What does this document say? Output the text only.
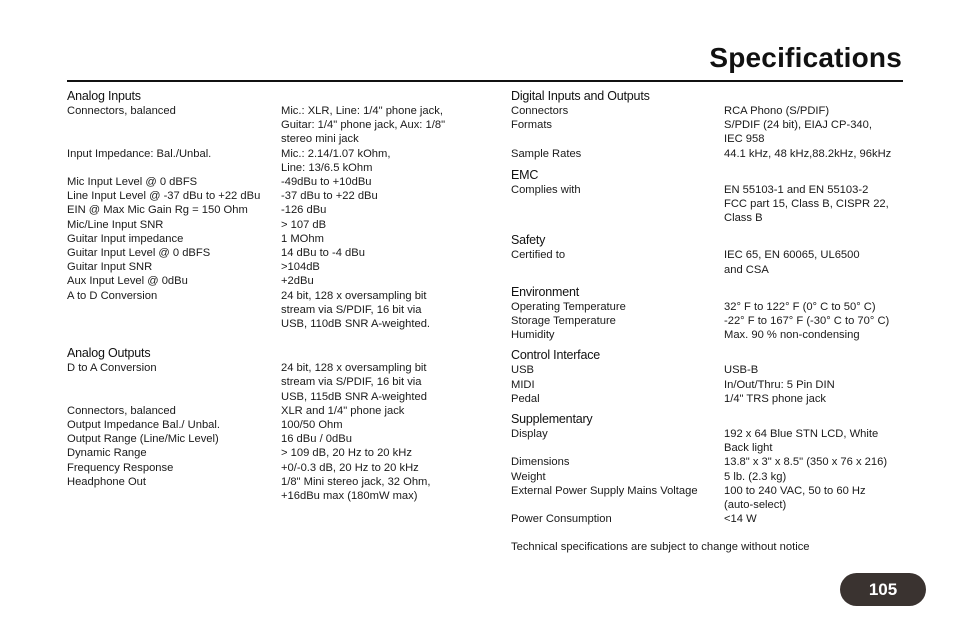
Specifications
Analog Inputs
Connectors, balanced	Mic.: XLR, Line: 1/4" phone jack,
Guitar: 1/4" phone jack, Aux: 1/8"
stereo mini jack
Input Impedance: Bal./Unbal.	Mic.: 2.14/1.07 kOhm,
Line: 13/6.5 kOhm
Mic Input Level @ 0 dBFS	-49dBu to +10dBu
Line Input Level @ -37 dBu to +22 dBu	-37 dBu to +22 dBu
EIN @ Max Mic Gain Rg = 150 Ohm	-126 dBu
Mic/Line Input SNR	> 107 dB
Guitar Input impedance	1 MOhm
Guitar Input Level @ 0 dBFS	14 dBu to -4 dBu
Guitar Input SNR	>104dB
Aux Input Level @ 0dBu	+2dBu
A to D Conversion	24 bit, 128 x oversampling bit
stream via S/PDIF, 16 bit via
USB, 110dB SNR A-weighted.
Analog Outputs
D to A Conversion	24 bit, 128 x oversampling bit
stream via S/PDIF, 16 bit via
USB, 115dB SNR A-weighted
Connectors, balanced	XLR and 1/4" phone jack
Output Impedance Bal./ Unbal.	100/50 Ohm
Output Range (Line/Mic Level)	16 dBu / 0dBu
Dynamic Range	> 109 dB, 20 Hz to 20 kHz
Frequency Response	+0/-0.3 dB, 20 Hz to 20 kHz
Headphone Out	1/8" Mini stereo jack, 32 Ohm,
+16dBu max (180mW max)
Digital Inputs and Outputs
Connectors	RCA Phono (S/PDIF)
Formats	S/PDIF (24 bit), EIAJ CP-340,
IEC 958
Sample Rates	44.1 kHz, 48 kHz,88.2kHz, 96kHz
EMC
Complies with	EN 55103-1 and EN 55103-2
FCC part 15, Class B, CISPR 22,
Class B
Safety
Certified to	IEC 65, EN 60065, UL6500
and CSA
Environment
Operating Temperature	32° F to 122° F (0° C to 50° C)
Storage Temperature	-22° F to 167° F (-30° C to 70° C)
Humidity	Max. 90 % non-condensing
Control Interface
USB	USB-B
MIDI	In/Out/Thru: 5 Pin DIN
Pedal	1/4" TRS phone jack
Supplementary
Display	192 x 64 Blue STN LCD, White
Back light
Dimensions	13.8" x 3" x 8.5" (350 x 76 x 216)
Weight	5 lb. (2.3 kg)
External Power Supply Mains Voltage	100 to 240 VAC, 50 to 60 Hz
(auto-select)
Power Consumption	<14 W
Technical specifications are subject to change without notice
105
